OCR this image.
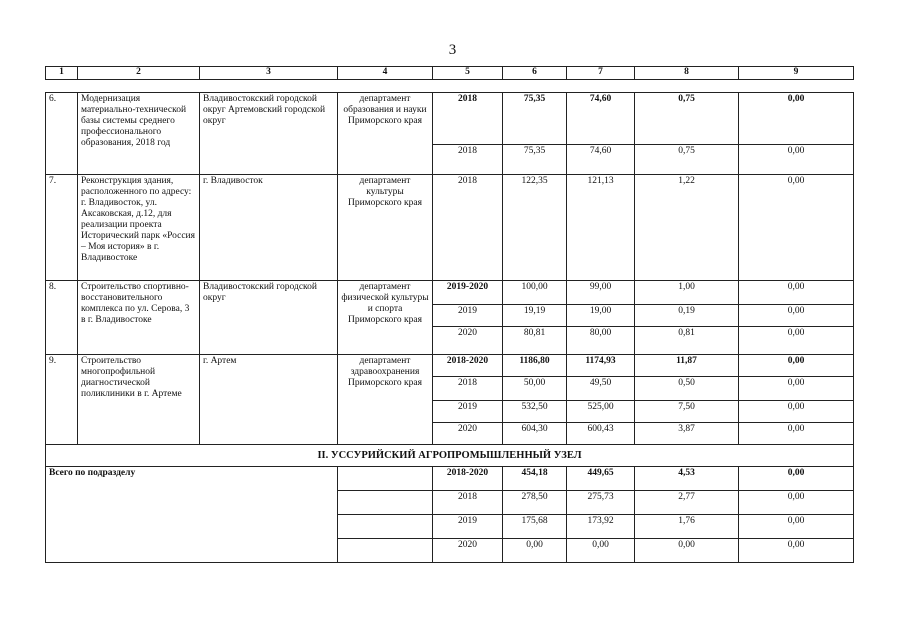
3
1	2	3	4	5	6	7	8	9
6.	Модернизация материально-технической базы системы среднего профессионального образования, 2018 год	Владивостокский городской округ Артемовский городской округ	департамент образования и науки Приморского края	2018	75,35	74,60	0,75	0,00
				2018	75,35	74,60	0,75	0,00
7.	Реконструкция здания, расположенного по адресу: г. Владивосток, ул. Аксаковская, д.12, для реализации проекта Исторический парк «Россия – Моя история» в г. Владивостоке	г. Владивосток	департамент культуры Приморского края	2018	122,35	121,13	1,22	0,00
8.	Строительство спортивно-восстановительного комплекса по ул. Серова, 3 в г. Владивостоке	Владивостокский городской округ	департамент физической культуры и спорта Приморского края	2019-2020	100,00	99,00	1,00	0,00
				2019	19,19	19,00	0,19	0,00
				2020	80,81	80,00	0,81	0,00
9.	Строительство многопрофильной диагностической поликлиники в г. Артеме	г. Артем	департамент здравоохранения Приморского края	2018-2020	1186,80	1174,93	11,87	0,00
				2018	50,00	49,50	0,50	0,00
				2019	532,50	525,00	7,50	0,00
				2020	604,30	600,43	3,87	0,00
II. УССУРИЙСКИЙ АГРОПРОМЫШЛЕННЫЙ УЗЕЛ								
Всего по подразделу				2018-2020	454,18	449,65	4,53	0,00
				2018	278,50	275,73	2,77	0,00
				2019	175,68	173,92	1,76	0,00
				2020	0,00	0,00	0,00	0,00
